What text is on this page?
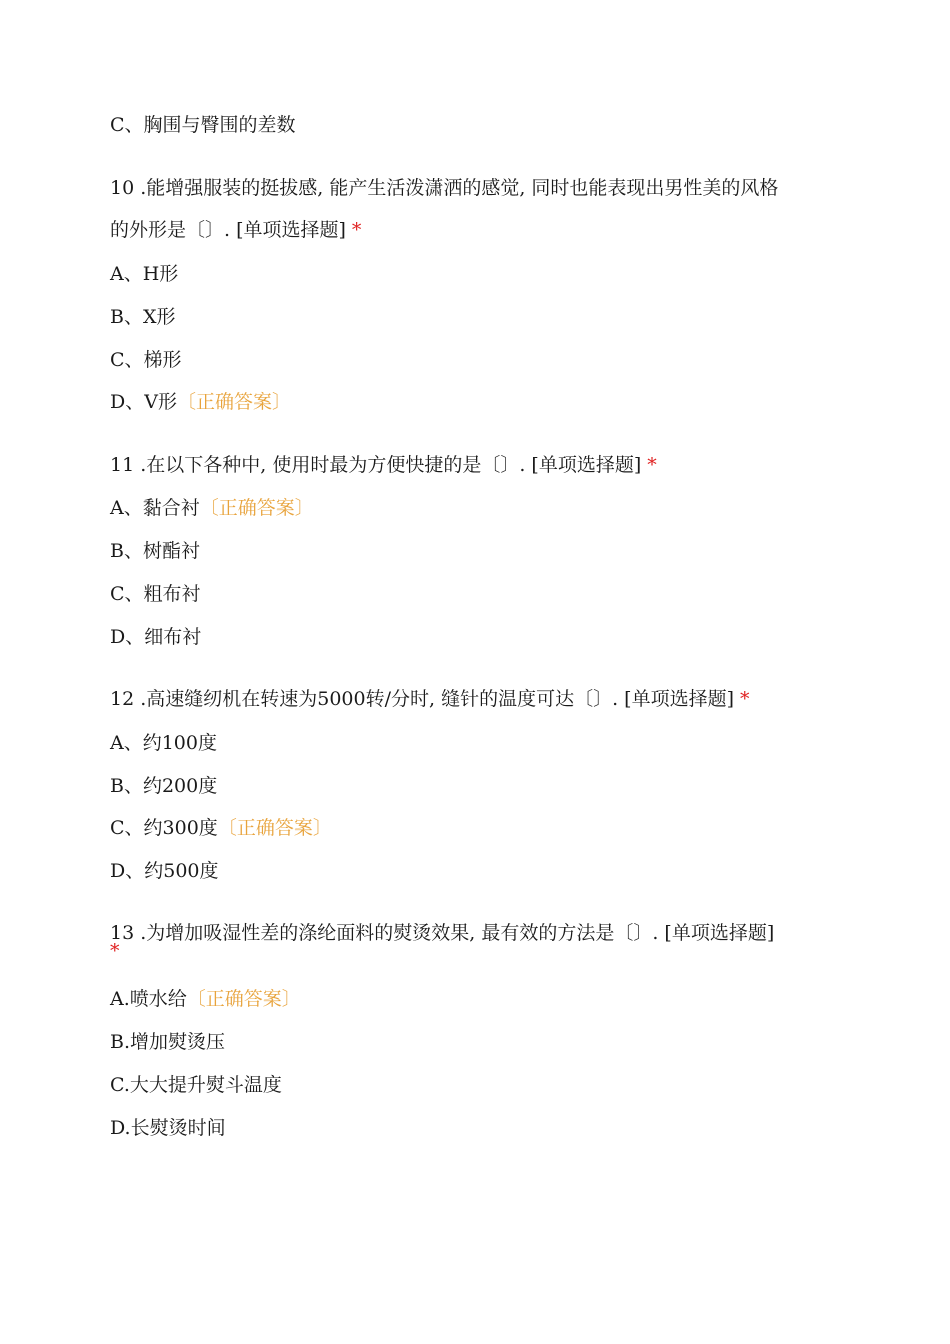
C、胸围与臀围的差数
10 .能增强服装的挺拔感, 能产生活泼潇洒的感觉, 同时也能表现出男性美的风格
的外形是〔〕. [单项选择题] *
A、H形
B、X形
C、梯形
D、V形〔正确答案〕
11 .在以下各种中, 使用时最为方便快捷的是〔〕. [单项选择题] *
A、黏合衬〔正确答案〕
B、树酯衬
C、粗布衬
D、细布衬
12 .高速缝纫机在转速为5000转/分时, 缝针的温度可达〔〕. [单项选择题] *
A、约100度
B、约200度
C、约300度〔正确答案〕
D、约500度
13 .为增加吸湿性差的涤纶面料的熨烫效果, 最有效的方法是〔〕. [单项选择题]
*
A.喷水给〔正确答案〕
B.增加熨烫压
C.大大提升熨斗温度
D.长熨烫时间
